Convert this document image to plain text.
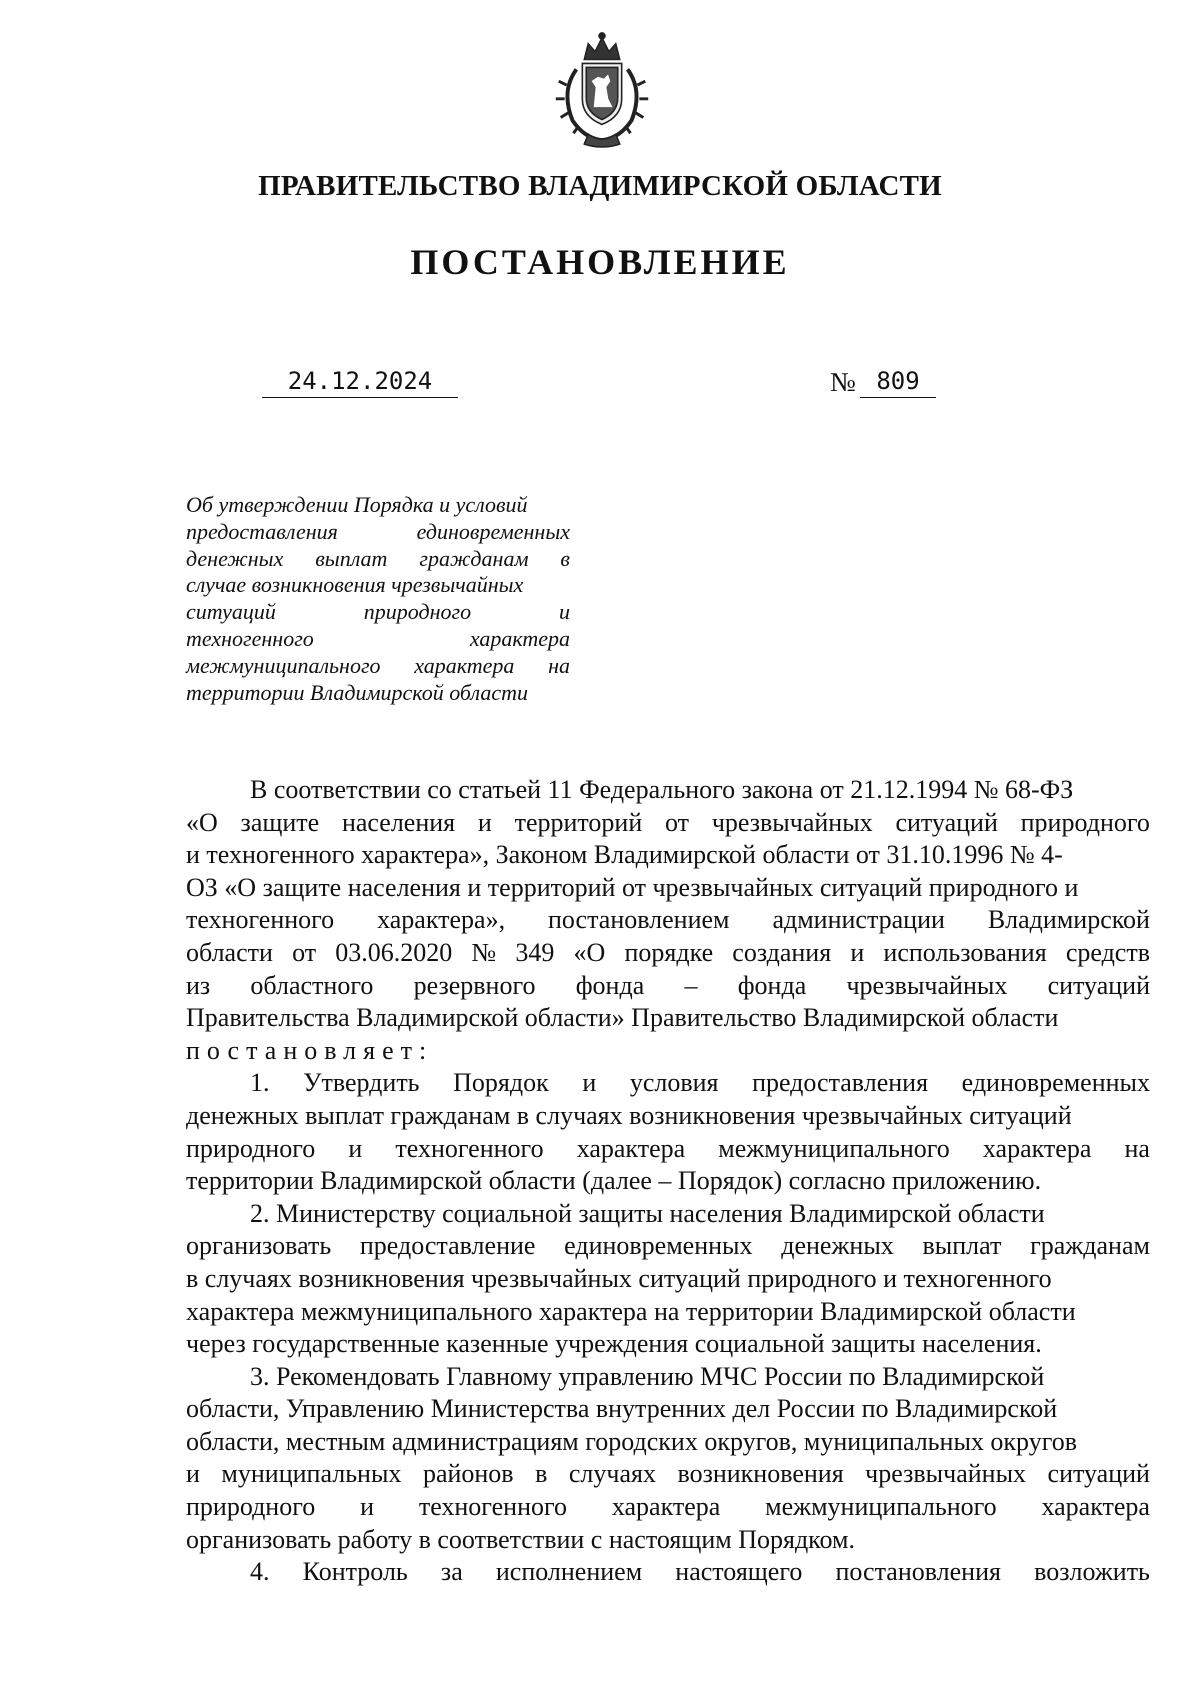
ПРАВИТЕЛЬСТВО ВЛАДИМИРСКОЙ ОБЛАСТИ
ПОСТАНОВЛЕНИЕ
24.12.2024	№ 809
Об утверждении Порядка и условий
предоставления	единовременных
денежных выплат гражданам в
случае возникновения чрезвычайных
ситуаций	природного	и
техногенного	характера
межмуниципального характера на
территории Владимирской области
В соответствии со статьей 11 Федерального закона от 21.12.1994 № 68-ФЗ
«О защите населения и территорий от чрезвычайных ситуаций природного
и техногенного характера», Законом Владимирской области от 31.10.1996 № 4-
ОЗ «О защите населения и территорий от чрезвычайных ситуаций природного и
техногенного характера», постановлением администрации Владимирской
области от 03.06.2020 № 349 «О порядке создания и использования средств
из областного резервного фонда – фонда чрезвычайных ситуаций
Правительства Владимирской области» Правительство Владимирской области
постановляет:
1. Утвердить Порядок и условия предоставления единовременных
денежных выплат гражданам в случаях возникновения чрезвычайных ситуаций
природного и техногенного характера межмуниципального характера на
территории Владимирской области (далее – Порядок) согласно приложению.
2. Министерству социальной защиты населения Владимирской области
организовать предоставление единовременных денежных выплат гражданам
в случаях возникновения чрезвычайных ситуаций природного и техногенного
характера межмуниципального характера на территории Владимирской области
через государственные казенные учреждения социальной защиты населения.
3. Рекомендовать Главному управлению МЧС России по Владимирской
области, Управлению Министерства внутренних дел России по Владимирской
области, местным администрациям городских округов, муниципальных округов
и муниципальных районов в случаях возникновения чрезвычайных ситуаций
природного и техногенного характера межмуниципального характера
организовать работу в соответствии с настоящим Порядком.
4. Контроль за исполнением настоящего постановления возложить
